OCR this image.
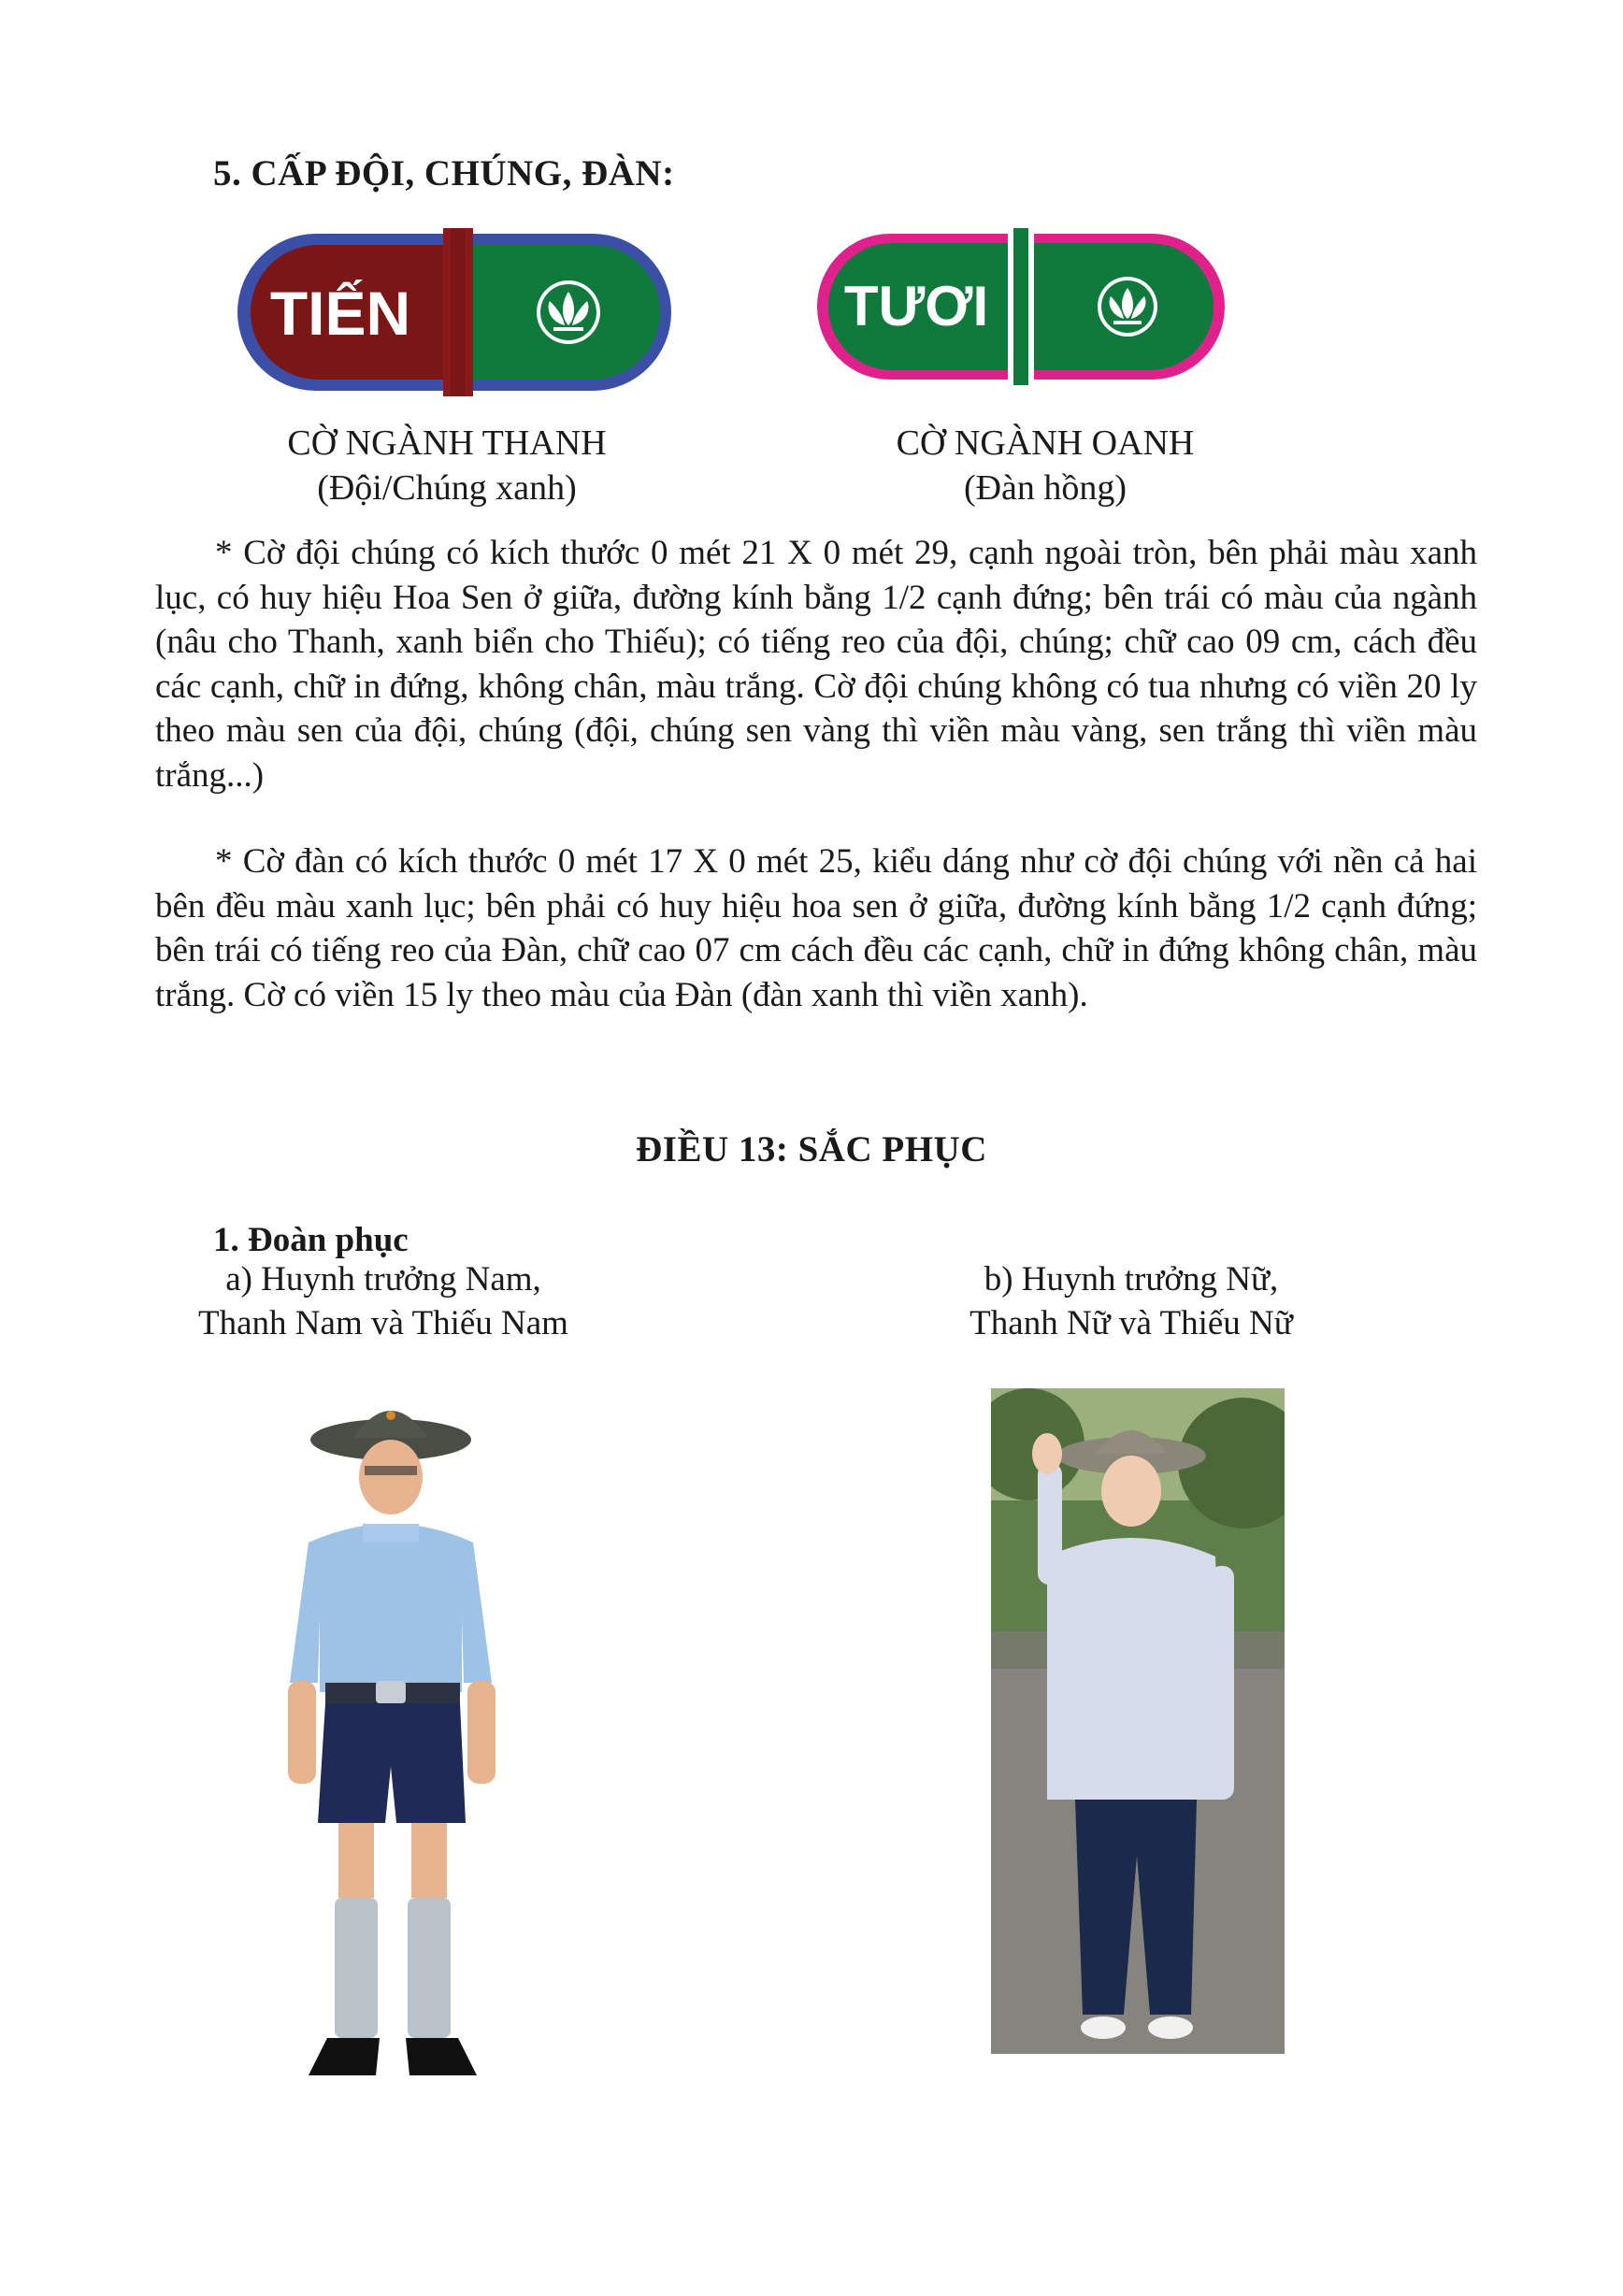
5. CẤP ĐỘI, CHÚNG, ĐÀN:
TIẾN	TƯƠI
CỜ NGÀNH THANH
(Đội/Chúng xanh)
CỜ NGÀNH OANH
(Đàn hồng)

* Cờ đội chúng có kích thước 0 mét 21 X 0 mét 29, cạnh ngoài tròn, bên phải màu xanh lục, có huy hiệu Hoa Sen ở giữa, đường kính bằng 1/2 cạnh đứng; bên trái có màu của ngành (nâu cho Thanh, xanh biển cho Thiếu); có tiếng reo của đội, chúng; chữ cao 09 cm, cách đều các cạnh, chữ in đứng, không chân, màu trắng. Cờ đội chúng không có tua nhưng có viền 20 ly theo màu sen của đội, chúng (đội, chúng sen vàng thì viền màu vàng, sen trắng thì viền màu trắng...)

* Cờ đàn có kích thước 0 mét 17 X 0 mét 25, kiểu dáng như cờ đội chúng với nền cả hai bên đều màu xanh lục; bên phải có huy hiệu hoa sen ở giữa, đường kính bằng 1/2 cạnh đứng; bên trái có tiếng reo của Đàn, chữ cao 07 cm cách đều các cạnh, chữ in đứng không chân, màu trắng. Cờ có viền 15 ly theo màu của Đàn (đàn xanh thì viền xanh).

ĐIỀU 13: SẮC PHỤC
1. Đoàn phục
a) Huynh trưởng Nam,
Thanh Nam và Thiếu Nam
b) Huynh trưởng Nữ,
Thanh Nữ và Thiếu Nữ
